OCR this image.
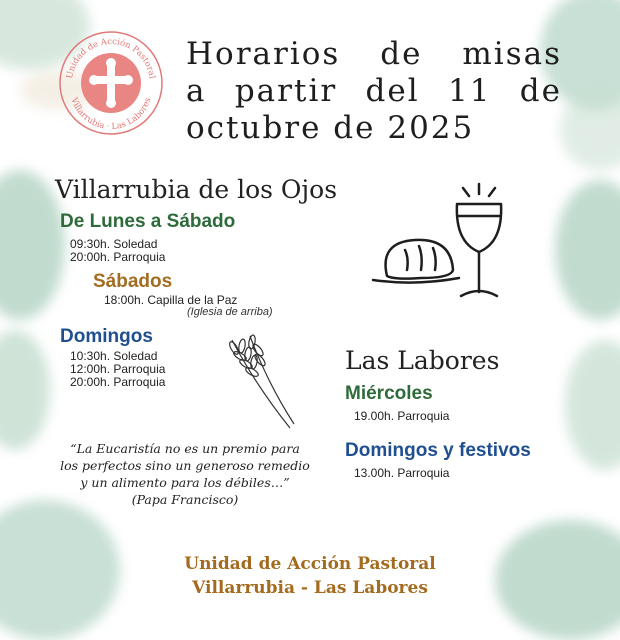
Unidad de Acción Pastoral
Villarrubia · Las Labores
Horarios de misas
a partir del 11 de
octubre de 2025
Villarrubia de los Ojos
De Lunes a Sábado
09:30h. Soledad
20:00h. Parroquia
Sábados
18:00h. Capilla de la Paz
(Iglesia de arriba)
Domingos
10:30h. Soledad
12:00h. Parroquia
20:00h. Parroquia
Las Labores
Miércoles
19.00h. Parroquia
Domingos y festivos
13.00h. Parroquia
“La Eucaristía no es un premio para
los perfectos sino un generoso remedio
y un alimento para los débiles…”
(Papa Francisco)
Unidad de Acción Pastoral
Villarrubia - Las Labores
